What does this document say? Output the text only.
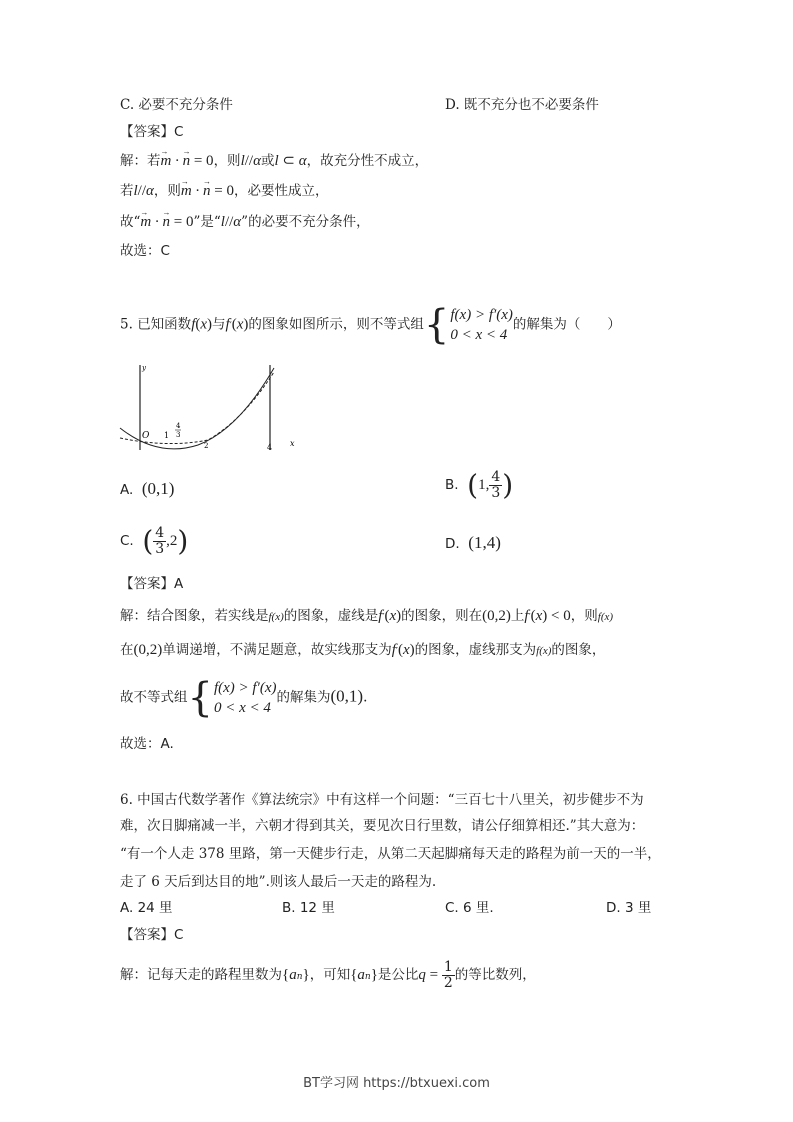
C. 必要不充分条件	D. 既不充分也不必要条件
【答案】C
解：若→ m · → n = 0，则l//α或l ⊂ α，故充分性不成立，
若l//α，则→ m · → n = 0，必要性成立，
故“→ m · → n = 0”是“l//α”的必要不充分条件，
故选：C
5. 已知函数f(x)与f′(x)的图象如图所示，则不等式组{f(x) > f′(x)
0 < x < 4的解集为（　　）
y
O 1
4
3
2	4 x
A. (0,1)	B. (1, $\frac{4}{3}$ )
C. ( $\frac{4}{3} ,2$)	D. (1,4)
【答案】A
解：结合图象，若实线是f(x)的图象，虚线是f′(x)的图象，则在(0,2)上f′(x) < 0，则f(x)
在(0,2)单调递增，不满足题意，故实线那支为f′(x)的图象，虚线那支为f(x)的图象，
故不等式组{f(x) > f′(x)
0 < x < 4的解集为(0,1).
故选：A.
6. 中国古代数学著作《算法统宗》中有这样一个问题：“三百七十八里关，初步健步不为
难，次日脚痛减一半，六朝才得到其关，要见次日行里数，请公仔细算相还.”其大意为：
“有一个人走 378 里路，第一天健步行走，从第二天起脚痛每天走的路程为前一天的一半，
走了 6 天后到达目的地”.则该人最后一天走的路程为.
A. 24 里	B. 12 里	C. 6 里.	D. 3 里
【答案】C
解：记每天走的路程里数为{an}，可知{an}是公比$q = \frac{1}{2}$ 的等比数列，
BT学习网 https://btxuexi.com
